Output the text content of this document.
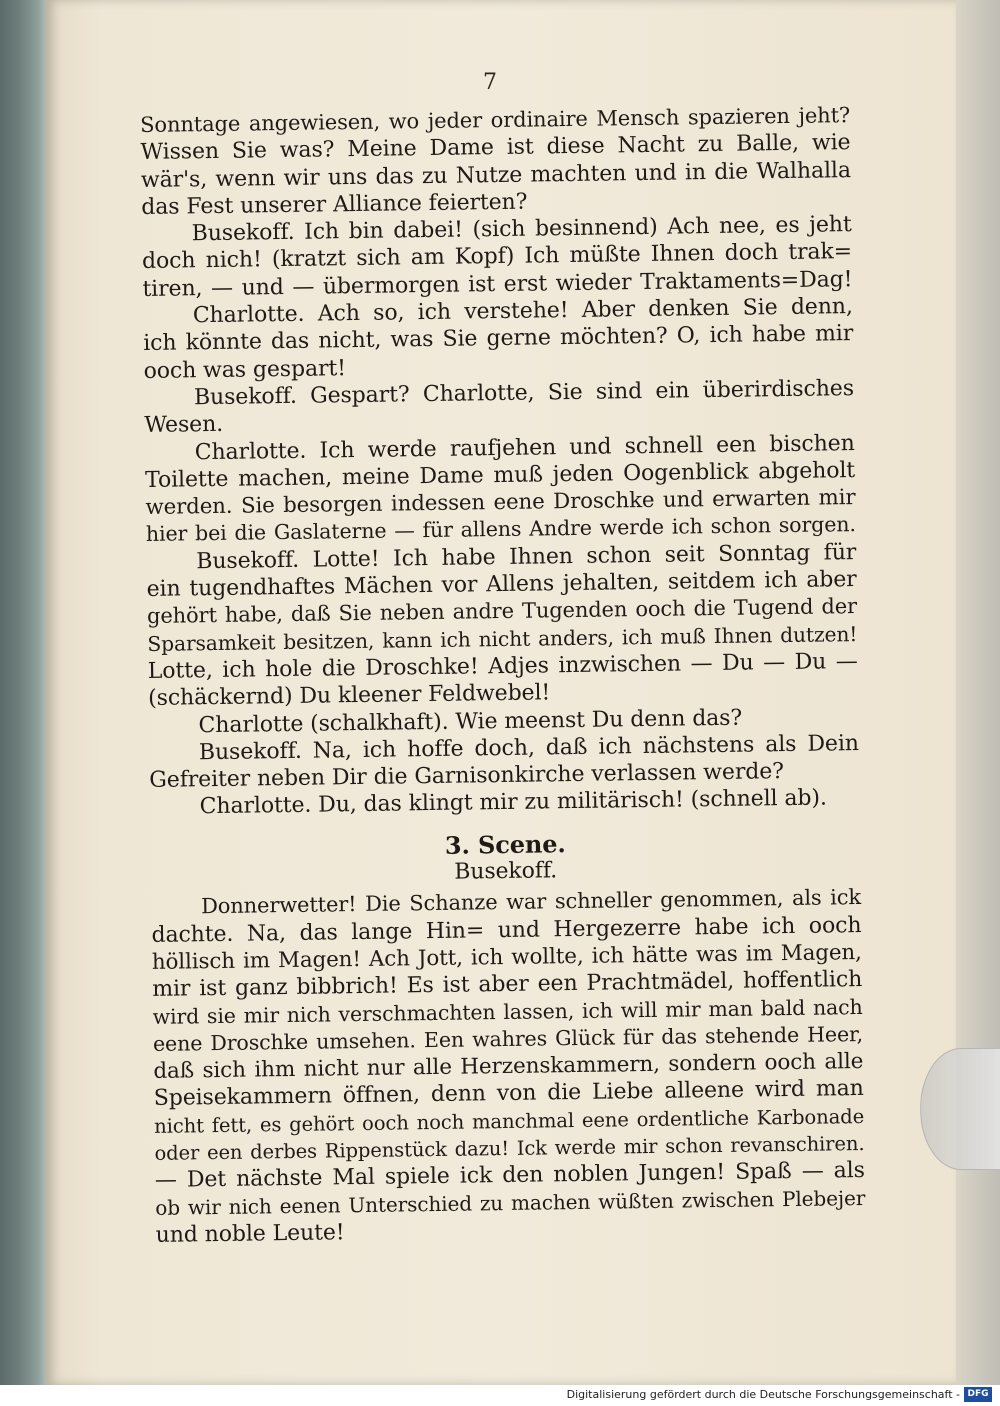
7
Sonntage angewiesen, wo jeder ordinaire Mensch spazieren jeht?
Wissen Sie was? Meine Dame ist diese Nacht zu Balle, wie
wär's, wenn wir uns das zu Nutze machten und in die Walhalla
das Fest unserer Alliance feierten?
Busekoff. Ich bin dabei! (sich besinnend) Ach nee, es jeht
doch nich! (kratzt sich am Kopf) Ich müßte Ihnen doch trak=
tiren, — und — übermorgen ist erst wieder Traktaments=Dag!
Charlotte. Ach so, ich verstehe! Aber denken Sie denn,
ich könnte das nicht, was Sie gerne möchten? O, ich habe mir
ooch was gespart!
Busekoff. Gespart? Charlotte, Sie sind ein überirdisches
Wesen.
Charlotte. Ich werde raufjehen und schnell een bischen
Toilette machen, meine Dame muß jeden Oogenblick abgeholt
werden. Sie besorgen indessen eene Droschke und erwarten mir
hier bei die Gaslaterne — für allens Andre werde ich schon sorgen.
Busekoff. Lotte! Ich habe Ihnen schon seit Sonntag für
ein tugendhaftes Mächen vor Allens jehalten, seitdem ich aber
gehört habe, daß Sie neben andre Tugenden ooch die Tugend der
Sparsamkeit besitzen, kann ich nicht anders, ich muß Ihnen dutzen!
Lotte, ich hole die Droschke! Adjes inzwischen — Du — Du —
(schäckernd) Du kleener Feldwebel!
Charlotte (schalkhaft). Wie meenst Du denn das?
Busekoff. Na, ich hoffe doch, daß ich nächstens als Dein
Gefreiter neben Dir die Garnisonkirche verlassen werde?
Charlotte. Du, das klingt mir zu militärisch! (schnell ab).
3. Scene.
Busekoff.
Donnerwetter! Die Schanze war schneller genommen, als ick
dachte. Na, das lange Hin= und Hergezerre habe ich ooch
höllisch im Magen! Ach Jott, ich wollte, ich hätte was im Magen,
mir ist ganz bibbrich! Es ist aber een Prachtmädel, hoffentlich
wird sie mir nich verschmachten lassen, ich will mir man bald nach
eene Droschke umsehen. Een wahres Glück für das stehende Heer,
daß sich ihm nicht nur alle Herzenskammern, sondern ooch alle
Speisekammern öffnen, denn von die Liebe alleene wird man
nicht fett, es gehört ooch noch manchmal eene ordentliche Karbonade
oder een derbes Rippenstück dazu! Ick werde mir schon revanschiren.
— Det nächste Mal spiele ick den noblen Jungen! Spaß — als
ob wir nich eenen Unterschied zu machen wüßten zwischen Plebejer
und noble Leute!
Digitalisierung gefördert durch die Deutsche Forschungsgemeinschaft - DFG
